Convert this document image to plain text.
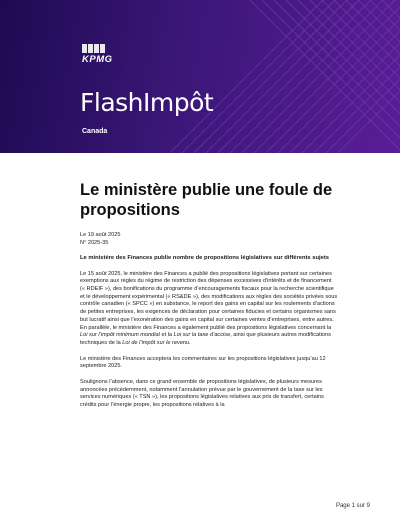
KPMG
FlashImpôt
Canada
Le ministère publie une foule de propositions
Le 19 août 2025
N° 2025-35
Le ministère des Finances publie nombre de propositions législatives sur différents sujets

Le 15 août 2025, le ministère des Finances a publié des propositions législatives portant sur certaines exemptions aux règles du régime de restriction des dépenses excessives d’intérêts et de financement (« RDEIF »), des bonifications du programme d’encouragements fiscaux pour la recherche scientifique et le développement expérimental (« RS&DE »), des modifications aux règles des sociétés privées sous contrôle canadien (« SPCC ») en substance, le report des gains en capital sur les roulements d’actions de petites entreprises, les exigences de déclaration pour certaines fiducies et certains organismes sans but lucratif ainsi que l’exonération des gains en capital sur certaines ventes d’entreprises, entre autres. En parallèle, le ministère des Finances a également publié des propositions législatives concernant la Loi sur l’impôt minimum mondial et la Loi sur la taxe d’accise, ainsi que plusieurs autres modifications techniques de la Loi de l’impôt sur le revenu.

Le ministère des Finances acceptera les commentaires sur les propositions législatives jusqu’au 12 septembre 2025.

Soulignons l’absence, dans ce grand ensemble de propositions législatives, de plusieurs mesures annoncées précédemment, notamment l’annulation prévue par le gouvernement de la taxe sur les services numériques (« TSN »), les propositions législatives relatives aux prix de transfert, certains crédits pour l’énergie propre, les propositions relatives à la

Page 1 sur 9
